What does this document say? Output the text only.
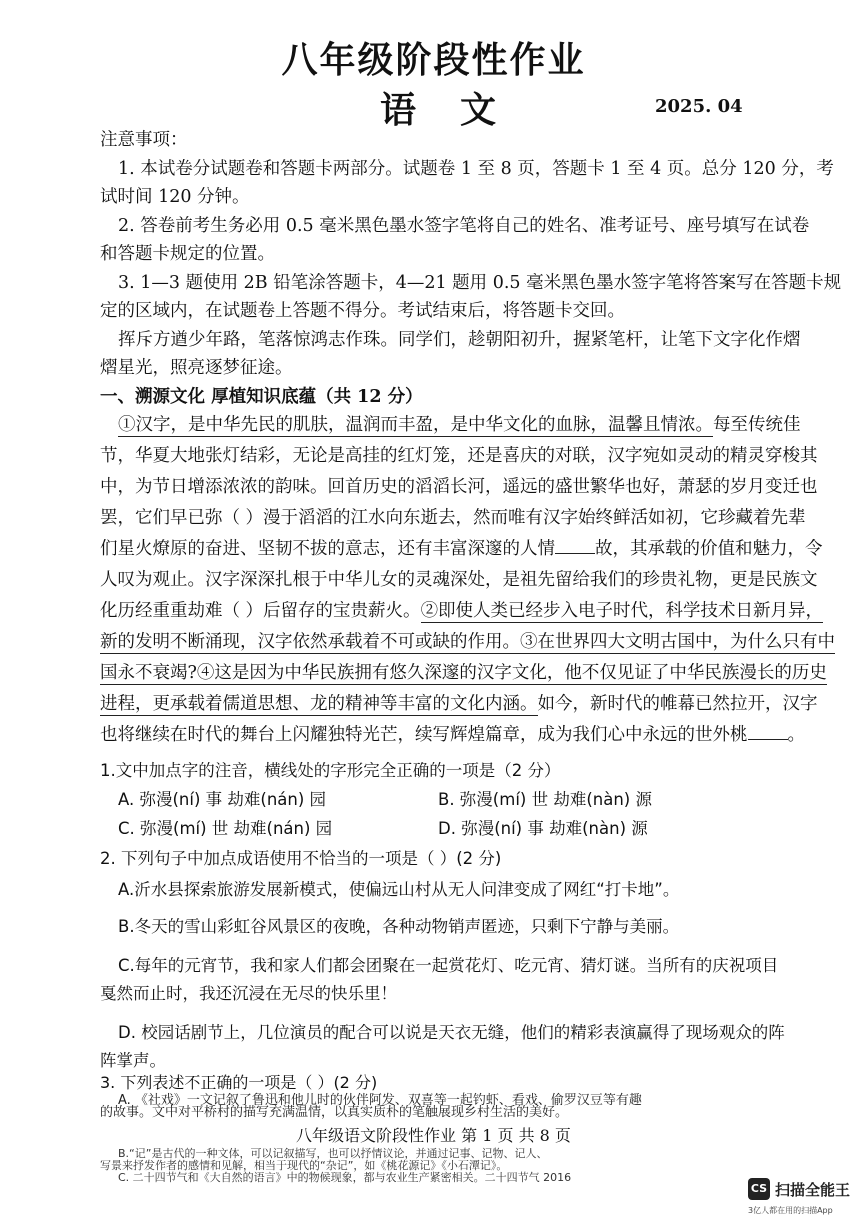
八年级阶段性作业
语 文	2025. 04
注意事项：
1. 本试卷分试题卷和答题卡两部分。试题卷 1 至 8 页，答题卡 1 至 4 页。总分 120 分，考
试时间 120 分钟。
2. 答卷前考生务必用 0.5 毫米黑色墨水签字笔将自己的姓名、准考证号、座号填写在试卷
和答题卡规定的位置。
3. 1—3 题使用 2B 铅笔涂答题卡，4—21 题用 0.5 毫米黑色墨水签字笔将答案写在答题卡规
定的区域内，在试题卷上答题不得分。考试结束后，将答题卡交回。
挥斥方遒少年路，笔落惊鸿志作珠。同学们，趁朝阳初升，握紧笔杆，让笔下文字化作熠
熠星光，照亮逐梦征途。
一、溯源文化 厚植知识底蕴（共 12 分）
①汉字，是中华先民的肌肤，温润而丰盈，是中华文化的血脉，温馨且情浓。每至传统佳
节，华夏大地张灯结彩，无论是高挂的红灯笼，还是喜庆的对联，汉字宛如灵动的精灵穿梭其
中，为节日增添浓浓的韵味。回首历史的滔滔长河，遥远的盛世繁华也好，萧瑟的岁月变迁也
罢，它们早已弥（ ）漫于滔滔的江水向东逝去，然而唯有汉字始终鲜活如初，它珍藏着先辈
们星火燎原的奋进、坚韧不拔的意志，还有丰富深邃的人情 故，其承载的价值和魅力，令
人叹为观止。汉字深深扎根于中华儿女的灵魂深处，是祖先留给我们的珍贵礼物，更是民族文
化历经重重劫难（ ）后留存的宝贵薪火。②即使人类已经步入电子时代，科学技术日新月异，
新的发明不断涌现，汉字依然承载着不可或缺的作用。③在世界四大文明古国中，为什么只有中
国永不衰竭?④这是因为中华民族拥有悠久深邃的汉字文化，他不仅见证了中华民族漫长的历史
进程，更承载着儒道思想、龙的精神等丰富的文化内涵。如今，新时代的帷幕已然拉开，汉字
也将继续在时代的舞台上闪耀独特光芒，续写辉煌篇章，成为我们心中永远的世外桃 。
1.文中加点字的注音，横线处的字形完全正确的一项是（2 分）
A. 弥漫(ní) 事 劫难(nán) 园	B. 弥漫(mí) 世 劫难(nàn) 源
C. 弥漫(mí) 世 劫难(nán) 园	D. 弥漫(ní) 事 劫难(nàn) 源
2. 下列句子中加点成语使用不恰当的一项是（ ）(2 分)
A.沂水县探索旅游发展新模式，使偏远山村从无人问津变成了网红“打卡地”。
B.冬天的雪山彩虹谷风景区的夜晚，各种动物销声匿迹，只剩下宁静与美丽。
C.每年的元宵节，我和家人们都会团聚在一起赏花灯、吃元宵、猜灯谜。当所有的庆祝项目
戛然而止时，我还沉浸在无尽的快乐里！
D. 校园话剧节上，几位演员的配合可以说是天衣无缝，他们的精彩表演赢得了现场观众的阵
阵掌声。
3. 下列表述不正确的一项是（ ）(2 分)
A. 《社戏》一文记叙了鲁迅和他儿时的伙伴阿发、双喜等一起钓虾、看戏、偷罗汉豆等有趣
的故事。文中对平桥村的描写充满温情，以真实质朴的笔触展现乡村生活的美好。
八年级语文阶段性作业 第 1 页 共 8 页
CS 扫描全能王
3亿人都在用的扫描App
B.“记”是古代的一种文体，可以记叙描写，也可以抒情议论，并通过记事、记物、记人、
写景来抒发作者的感情和见解，相当于现代的“杂记”，如《桃花源记》《小石潭记》。
C. 二十四节气和《大自然的语言》中的物候现象，都与农业生产紧密相关。二十四节气 2016
